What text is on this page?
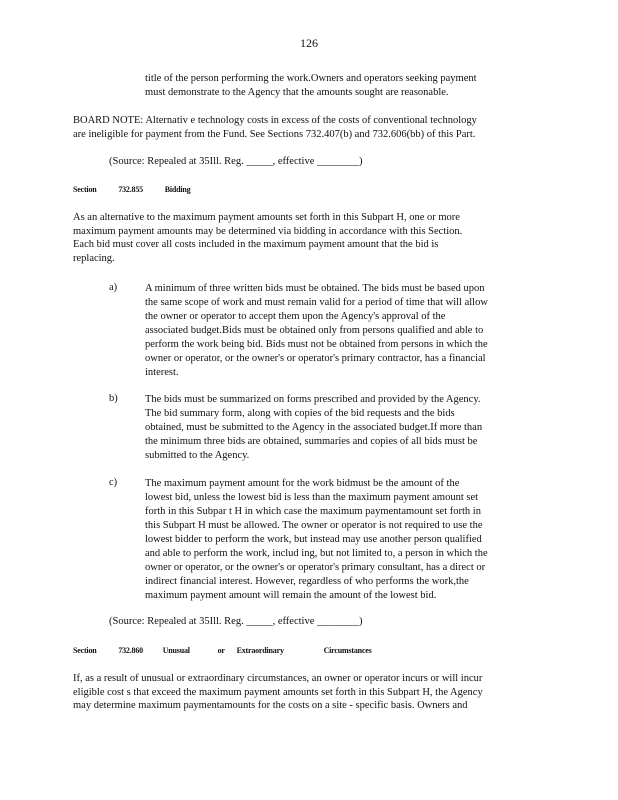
126
title of the person performing the work.Owners and operators seeking payment
must demonstrate to the Agency that the amounts sought are reasonable.
BOARD NOTE: Alternativ e technology costs in excess of the costs of conventional technology
are ineligible for payment from the Fund. See Sections 732.407(b) and 732.606(bb) of this Part.
(Source: Repealed at 35Ill. Reg. _____, effective ________)
Section	732.855	Bidding
As an alternative to the maximum payment amounts set forth in this Subpart H, one or more
maximum payment amounts may be determined via bidding in accordance with this Section.
Each bid must cover all costs included in the maximum payment amount that the bid is
replacing.
a)	A minimum of three written bids must be obtained. The bids must be based upon
the same scope of work and must remain valid for a period of time that will allow
the owner or operator to accept them upon the Agency's approval of the
associated budget.Bids must be obtained only from persons qualified and able to
perform the work being bid. Bids must not be obtained from persons in which the
owner or operator, or the owner's or operator's primary contractor, has a financial
interest.
b)	The bids must be summarized on forms prescribed and provided by the Agency.
The bid summary form, along with copies of the bid requests and the bids
obtained, must be submitted to the Agency in the associated budget.If more than
the minimum three bids are obtained, summaries and copies of all bids must be
submitted to the Agency.
c)	The maximum payment amount for the work bidmust be the amount of the
lowest bid, unless the lowest bid is less than the maximum payment amount set
forth in this Subpar t H in which case the maximum paymentamount set forth in
this Subpart H must be allowed. The owner or operator is not required to use the
lowest bidder to perform the work, but instead may use another person qualified
and able to perform the work, includ ing, but not limited to, a person in which the
owner or operator, or the owner's or operator's primary consultant, has a direct or
indirect financial interest. However, regardless of who performs the work,the
maximum payment amount will remain the amount of the lowest bid.
(Source: Repealed at 35Ill. Reg. _____, effective ________)
Section	732.860 Unusual	or Extraordinary	Circumstances
If, as a result of unusual or extraordinary circumstances, an owner or operator incurs or will incur
eligible cost s that exceed the maximum payment amounts set forth in this Subpart H, the Agency
may determine maximum paymentamounts for the costs on a site - specific basis. Owners and
